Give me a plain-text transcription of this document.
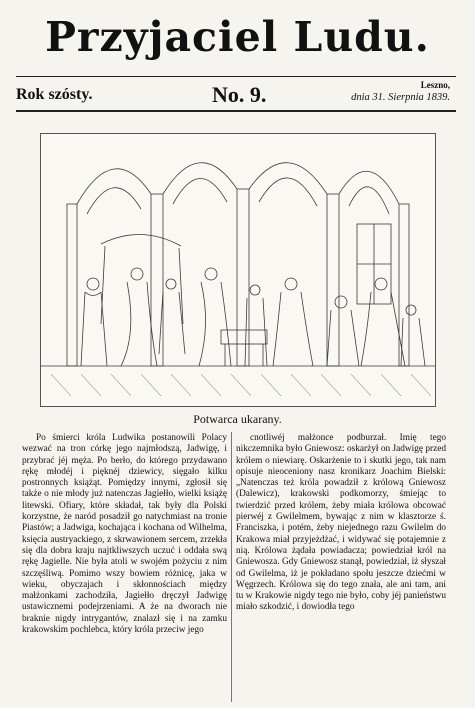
Przyjaciel Ludu.
Rok szósty.	No. 9.	Leszno,
dnia 31. Sierpnia 1839.
Potwarca ukarany.

Po śmierci króla Ludwika postanowili Polacy wezwać na tron córkę jego najmłodszą, Jadwigę, i przybrać jéj męża. Po berło, do którego przydawano rękę młodéj i pięknéj dziewicy, sięgało kilku postronnych książąt. Pomiędzy innymi, zgłosił się także o nie młody już natenczas Jagiełło, wielki książę litewski. Ofiary, które składał, tak były dla Polski korzystne, że naród posadził go natychmiast na tronie Piastów; a Jadwiga, kochająca i kochana od Wilhelma, księcia austryackiego, z skrwawionem sercem, zrzekła się dla dobra kraju najtkliwszych uczuć i oddała swą rękę Jagielle. Nie była atoli w swojém pożyciu z nim szczęśliwą. Pomimo wszy bowiem różnicę, jaka w wieku, obyczajach i skłonnościach między małżonkami zachodziła, Jagiełło dręczył Jadwigę ustawicznemi podejrzeniami. A że na dworach nie braknie nigdy intrygantów, znalazł się i na zamku krakowskim pochlebca, który króla przeciw jego

cnotliwéj małżonce podburzał. Imię tego nikczemnika było Gniewosz: oskarżył on Jadwigę przed królem o niewiarę. Oskarżenie to i skutki jego, tak nam opisuje nieoceniony nasz kronikarz Joachim Bielski: „Natenczas też króla powadził z królową Gniewosz (Dalewicz), krakowski podkomorzy, śmiejąc to twierdzić przed królem, żeby miała królowa obcować pierwéj z Gwilelmem, bywając z nim w klasztorze ś. Franciszka, i potém, żeby niejednego razu Gwilelm do Krakowa miał przyjeżdżać, i widywać się potajemnie z nią. Królowa żądała powiadacza; powiedział król na Gniewosza. Gdy Gniewosz stanął, powiedział, iż słyszał od Gwilelma, iż je pokładano społu jeszcze dziećmi w Węgrzech. Królowa się do tego znała, ale ani tam, ani tu w Krakowie nigdy tego nie było, coby jéj panieństwu miało szkodzić, i dowiodła tego
